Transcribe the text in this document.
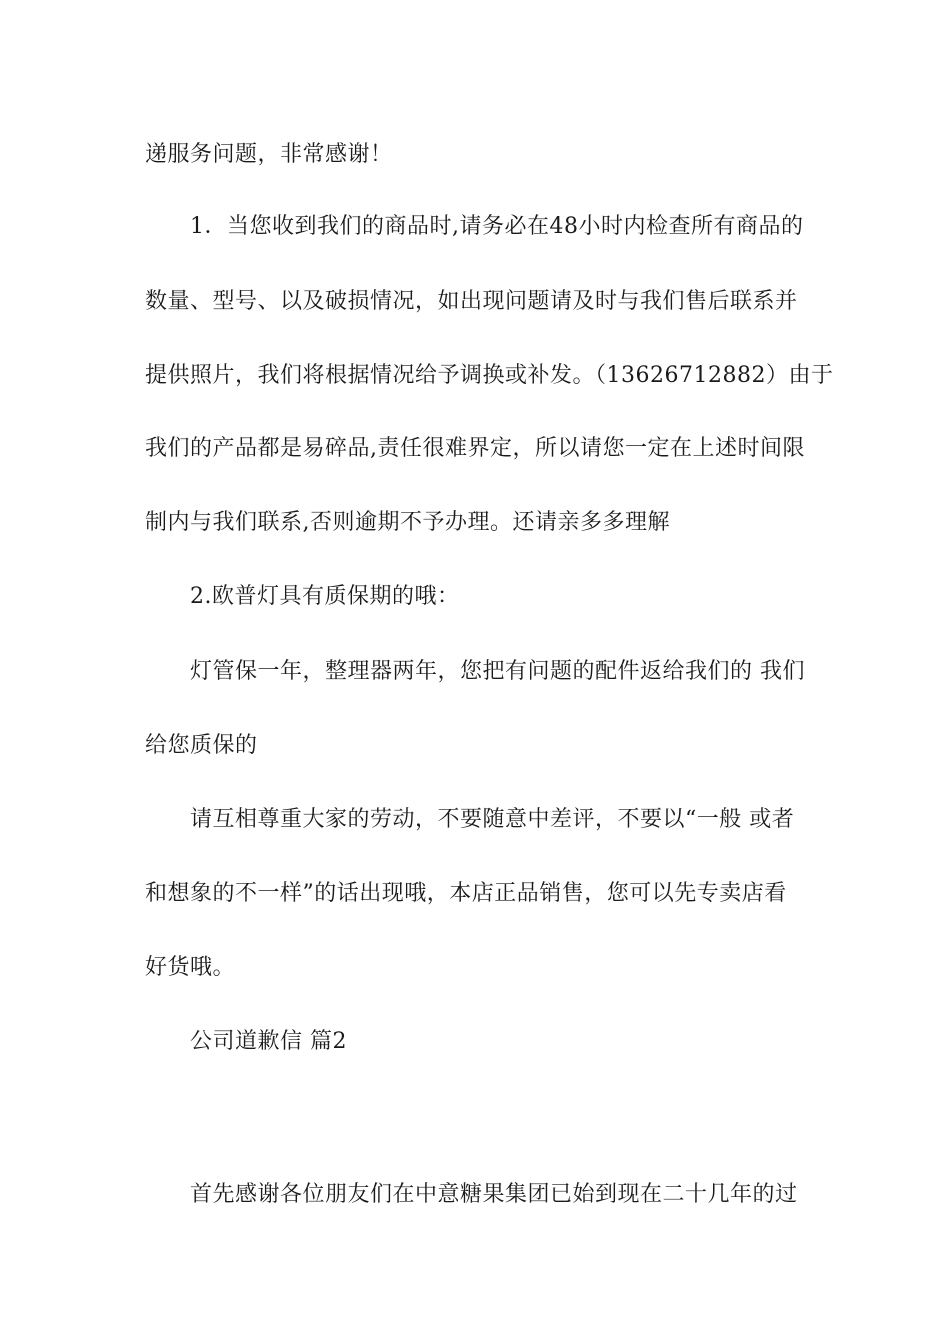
递服务问题，非常感谢！
1．当您收到我们的商品时,请务必在48小时内检查所有商品的
数量、型号、以及破损情况，如出现问题请及时与我们售后联系并
提供照片，我们将根据情况给予调换或补发。（13626712882）由于
我们的产品都是易碎品,责任很难界定，所以请您一定在上述时间限
制内与我们联系,否则逾期不予办理。还请亲多多理解
2.欧普灯具有质保期的哦：
灯管保一年，整理器两年，您把有问题的配件返给我们的 我们
给您质保的
请互相尊重大家的劳动，不要随意中差评，不要以“一般 或者
和想象的不一样”的话出现哦，本店正品销售，您可以先专卖店看
好货哦。
公司道歉信 篇2
首先感谢各位朋友们在中意糖果集团已始到现在二十几年的过
